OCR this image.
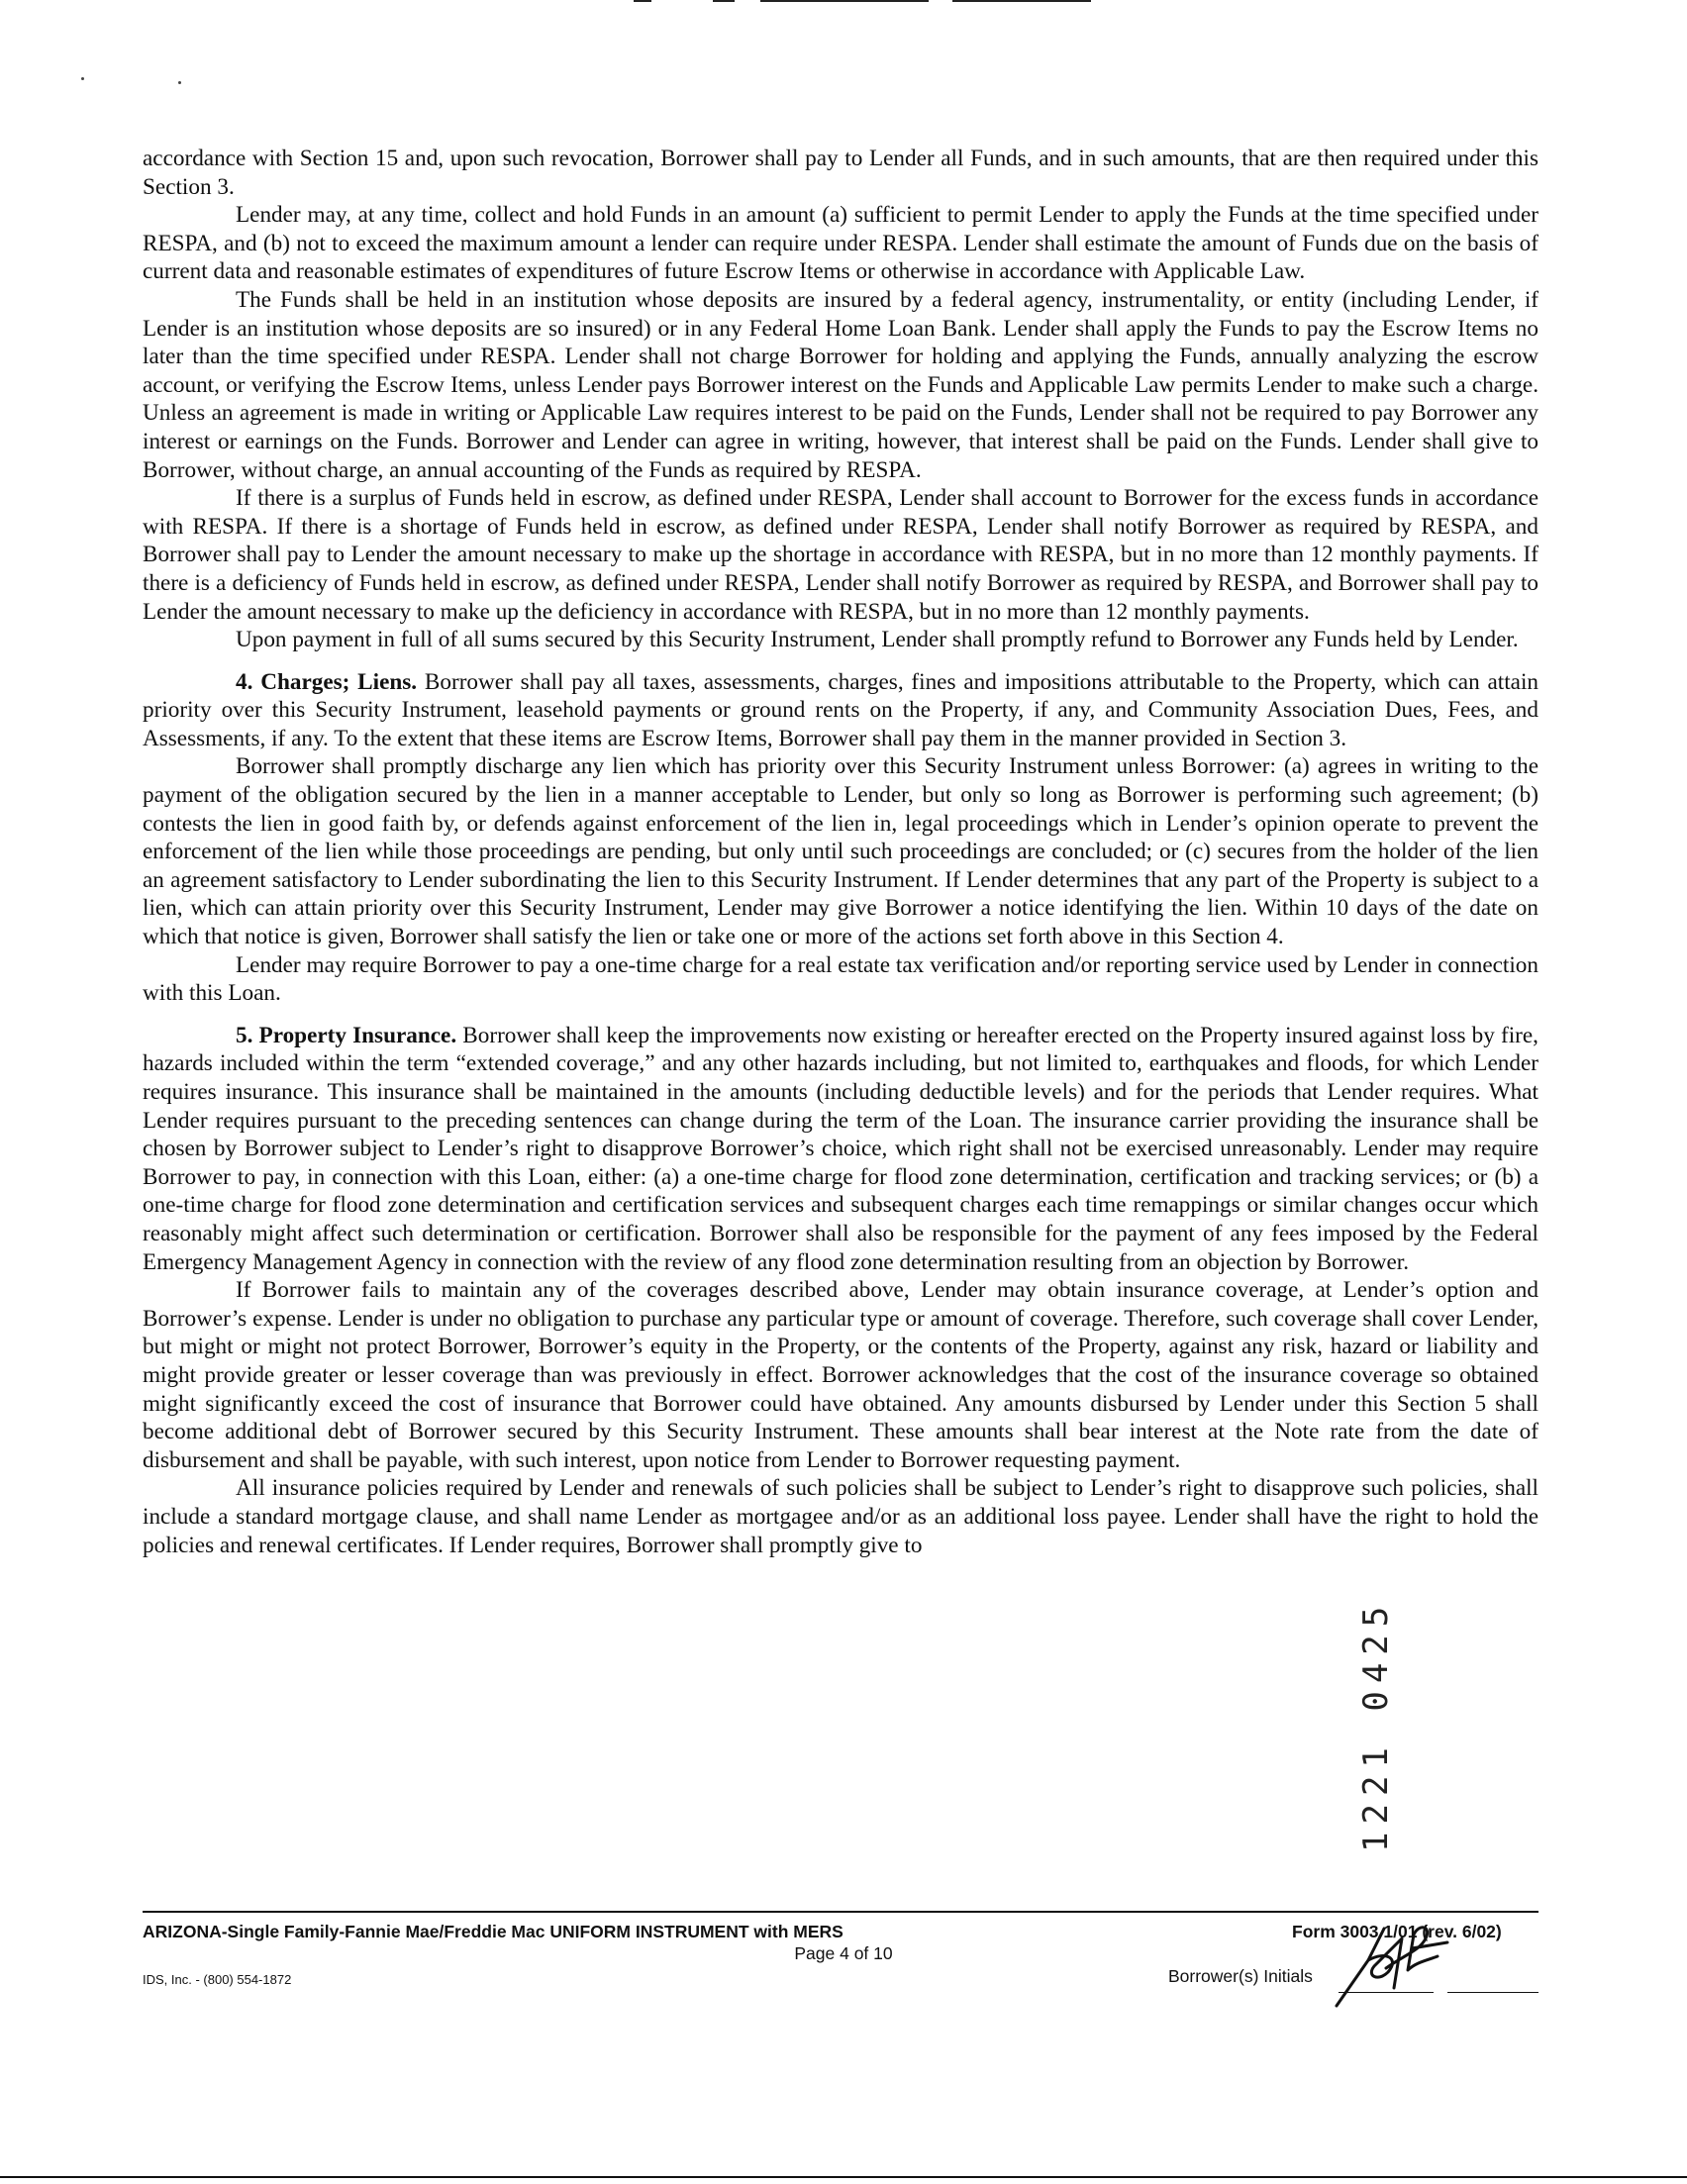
accordance with Section 15 and, upon such revocation, Borrower shall pay to Lender all Funds, and in such amounts, that are then required under this Section 3.

Lender may, at any time, collect and hold Funds in an amount (a) sufficient to permit Lender to apply the Funds at the time specified under RESPA, and (b) not to exceed the maximum amount a lender can require under RESPA. Lender shall estimate the amount of Funds due on the basis of current data and reasonable estimates of expenditures of future Escrow Items or otherwise in accordance with Applicable Law.

The Funds shall be held in an institution whose deposits are insured by a federal agency, instrumentality, or entity (including Lender, if Lender is an institution whose deposits are so insured) or in any Federal Home Loan Bank. Lender shall apply the Funds to pay the Escrow Items no later than the time specified under RESPA. Lender shall not charge Borrower for holding and applying the Funds, annually analyzing the escrow account, or verifying the Escrow Items, unless Lender pays Borrower interest on the Funds and Applicable Law permits Lender to make such a charge. Unless an agreement is made in writing or Applicable Law requires interest to be paid on the Funds, Lender shall not be required to pay Borrower any interest or earnings on the Funds. Borrower and Lender can agree in writing, however, that interest shall be paid on the Funds. Lender shall give to Borrower, without charge, an annual accounting of the Funds as required by RESPA.

If there is a surplus of Funds held in escrow, as defined under RESPA, Lender shall account to Borrower for the excess funds in accordance with RESPA. If there is a shortage of Funds held in escrow, as defined under RESPA, Lender shall notify Borrower as required by RESPA, and Borrower shall pay to Lender the amount necessary to make up the shortage in accordance with RESPA, but in no more than 12 monthly payments. If there is a deficiency of Funds held in escrow, as defined under RESPA, Lender shall notify Borrower as required by RESPA, and Borrower shall pay to Lender the amount necessary to make up the deficiency in accordance with RESPA, but in no more than 12 monthly payments.

Upon payment in full of all sums secured by this Security Instrument, Lender shall promptly refund to Borrower any Funds held by Lender.

4. Charges; Liens. Borrower shall pay all taxes, assessments, charges, fines and impositions attributable to the Property, which can attain priority over this Security Instrument, leasehold payments or ground rents on the Property, if any, and Community Association Dues, Fees, and Assessments, if any. To the extent that these items are Escrow Items, Borrower shall pay them in the manner provided in Section 3.

Borrower shall promptly discharge any lien which has priority over this Security Instrument unless Borrower: (a) agrees in writing to the payment of the obligation secured by the lien in a manner acceptable to Lender, but only so long as Borrower is performing such agreement; (b) contests the lien in good faith by, or defends against enforcement of the lien in, legal proceedings which in Lender’s opinion operate to prevent the enforcement of the lien while those proceedings are pending, but only until such proceedings are concluded; or (c) secures from the holder of the lien an agreement satisfactory to Lender subordinating the lien to this Security Instrument. If Lender determines that any part of the Property is subject to a lien, which can attain priority over this Security Instrument, Lender may give Borrower a notice identifying the lien. Within 10 days of the date on which that notice is given, Borrower shall satisfy the lien or take one or more of the actions set forth above in this Section 4.

Lender may require Borrower to pay a one-time charge for a real estate tax verification and/or reporting service used by Lender in connection with this Loan.

5. Property Insurance. Borrower shall keep the improvements now existing or hereafter erected on the Property insured against loss by fire, hazards included within the term “extended coverage,” and any other hazards including, but not limited to, earthquakes and floods, for which Lender requires insurance. This insurance shall be maintained in the amounts (including deductible levels) and for the periods that Lender requires. What Lender requires pursuant to the preceding sentences can change during the term of the Loan. The insurance carrier providing the insurance shall be chosen by Borrower subject to Lender’s right to disapprove Borrower’s choice, which right shall not be exercised unreasonably. Lender may require Borrower to pay, in connection with this Loan, either: (a) a one-time charge for flood zone determination, certification and tracking services; or (b) a one-time charge for flood zone determination and certification services and subsequent charges each time remappings or similar changes occur which reasonably might affect such determination or certification. Borrower shall also be responsible for the payment of any fees imposed by the Federal Emergency Management Agency in connection with the review of any flood zone determination resulting from an objection by Borrower.

If Borrower fails to maintain any of the coverages described above, Lender may obtain insurance coverage, at Lender’s option and Borrower’s expense. Lender is under no obligation to purchase any particular type or amount of coverage. Therefore, such coverage shall cover Lender, but might or might not protect Borrower, Borrower’s equity in the Property, or the contents of the Property, against any risk, hazard or liability and might provide greater or lesser coverage than was previously in effect. Borrower acknowledges that the cost of the insurance coverage so obtained might significantly exceed the cost of insurance that Borrower could have obtained. Any amounts disbursed by Lender under this Section 5 shall become additional debt of Borrower secured by this Security Instrument. These amounts shall bear interest at the Note rate from the date of disbursement and shall be payable, with such interest, upon notice from Lender to Borrower requesting payment.

All insurance policies required by Lender and renewals of such policies shall be subject to Lender’s right to disapprove such policies, shall include a standard mortgage clause, and shall name Lender as mortgagee and/or as an additional loss payee. Lender shall have the right to hold the policies and renewal certificates. If Lender requires, Borrower shall promptly give to

1221 0425
ARIZONA-Single Family-Fannie Mae/Freddie Mac UNIFORM INSTRUMENT with MERS
Page 4 of 10
IDS, Inc. - (800) 554-1872
Form 3003 1/01 (rev. 6/02)
Borrower(s) Initials
